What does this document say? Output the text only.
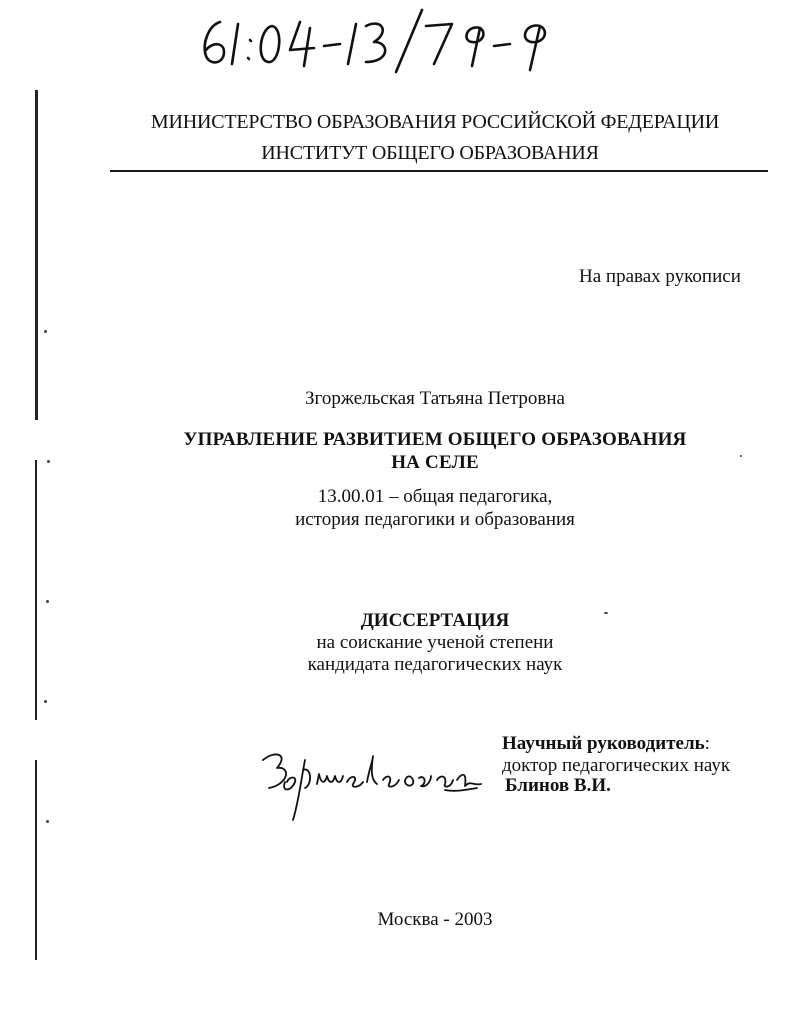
МИНИСТЕРСТВО ОБРАЗОВАНИЯ РОССИЙСКОЙ ФЕДЕРАЦИИ
ИНСТИТУТ ОБЩЕГО ОБРАЗОВАНИЯ
На правах рукописи
Згоржельская Татьяна Петровна
УПРАВЛЕНИЕ РАЗВИТИЕМ ОБЩЕГО ОБРАЗОВАНИЯ
НА СЕЛЕ
13.00.01 – общая педагогика,
история педагогики и образования
ДИССЕРТАЦИЯ
на соискание ученой степени
кандидата педагогических наук
Научный руководитель:
доктор педагогических наук
Блинов В.И.
Москва - 2003
